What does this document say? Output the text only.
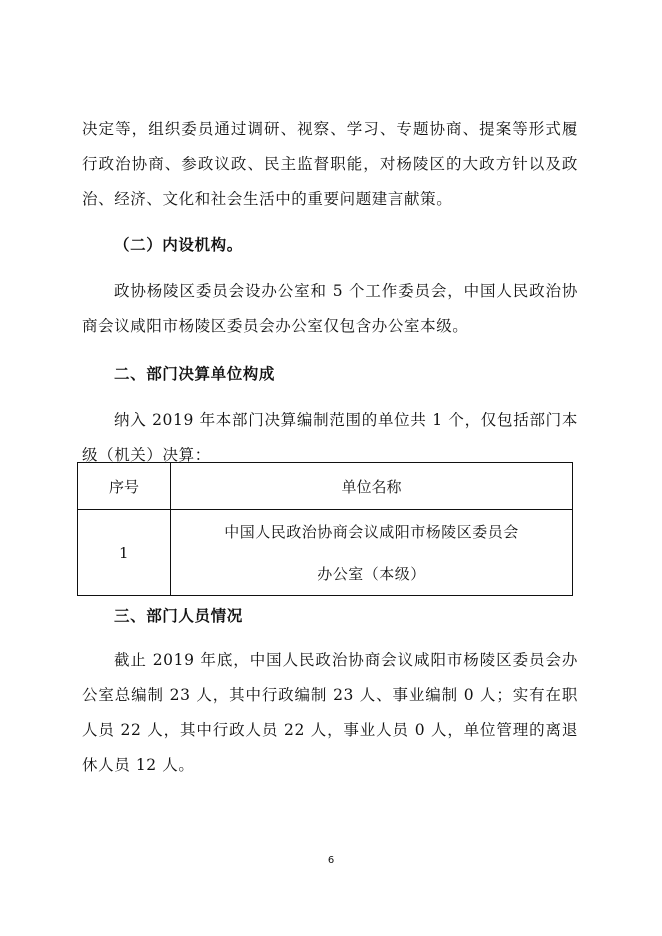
决定等，组织委员通过调研、视察、学习、专题协商、提案等形式履行政治协商、参政议政、民主监督职能，对杨陵区的大政方针以及政治、经济、文化和社会生活中的重要问题建言献策。

（二）内设机构。

政协杨陵区委员会设办公室和 5 个工作委员会，中国人民政治协商会议咸阳市杨陵区委员会办公室仅包含办公室本级。

二、部门决算单位构成

纳入 2019 年本部门决算编制范围的单位共 1 个，仅包括部门本级（机关）决算：

序号	单位名称
1	中国人民政治协商会议咸阳市杨陵区委员会
办公室（本级）

三、部门人员情况

截止 2019 年底，中国人民政治协商会议咸阳市杨陵区委员会办公室总编制 23 人，其中行政编制 23 人、事业编制 0 人；实有在职人员 22 人，其中行政人员 22 人，事业人员 0 人，单位管理的离退休人员 12 人。

6
